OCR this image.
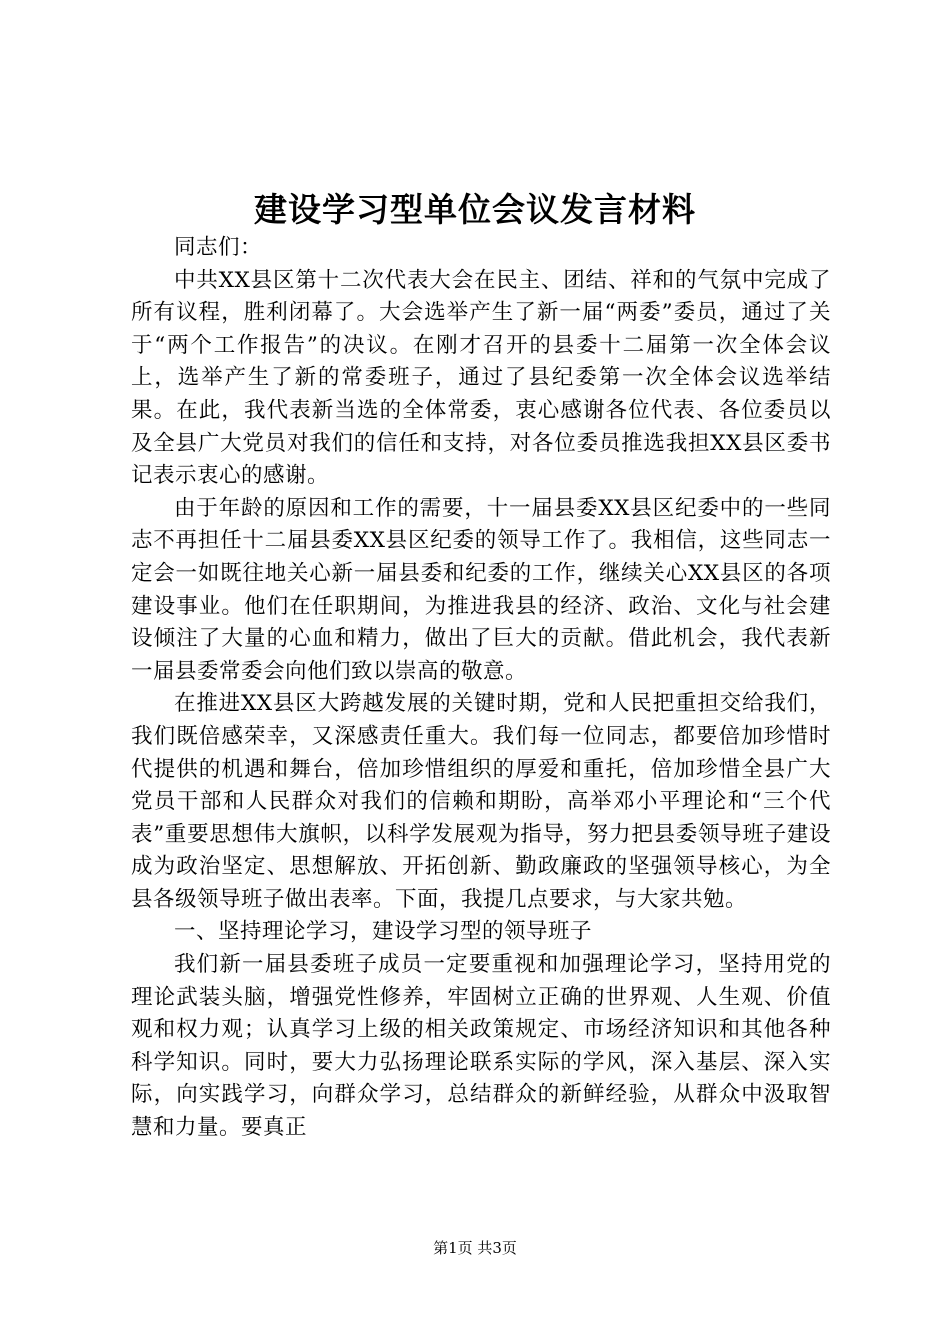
建设学习型单位会议发言材料

同志们：

中共XX县区第十二次代表大会在民主、团结、祥和的气氛中完成了所有议程，胜利闭幕了。大会选举产生了新一届“两委”委员，通过了关于“两个工作报告”的决议。在刚才召开的县委十二届第一次全体会议上，选举产生了新的常委班子，通过了县纪委第一次全体会议选举结果。在此，我代表新当选的全体常委，衷心感谢各位代表、各位委员以及全县广大党员对我们的信任和支持，对各位委员推选我担XX县区委书记表示衷心的感谢。

由于年龄的原因和工作的需要，十一届县委XX县区纪委中的一些同志不再担任十二届县委XX县区纪委的领导工作了。我相信，这些同志一定会一如既往地关心新一届县委和纪委的工作，继续关心XX县区的各项建设事业。他们在任职期间，为推进我县的经济、政治、文化与社会建设倾注了大量的心血和精力，做出了巨大的贡献。借此机会，我代表新一届县委常委会向他们致以崇高的敬意。

在推进XX县区大跨越发展的关键时期，党和人民把重担交给我们，我们既倍感荣幸，又深感责任重大。我们每一位同志，都要倍加珍惜时代提供的机遇和舞台，倍加珍惜组织的厚爱和重托，倍加珍惜全县广大党员干部和人民群众对我们的信赖和期盼，高举邓小平理论和“三个代表”重要思想伟大旗帜，以科学发展观为指导，努力把县委领导班子建设成为政治坚定、思想解放、开拓创新、勤政廉政的坚强领导核心，为全县各级领导班子做出表率。下面，我提几点要求，与大家共勉。

一、坚持理论学习，建设学习型的领导班子

我们新一届县委班子成员一定要重视和加强理论学习，坚持用党的理论武装头脑，增强党性修养，牢固树立正确的世界观、人生观、价值观和权力观；认真学习上级的相关政策规定、市场经济知识和其他各种科学知识。同时，要大力弘扬理论联系实际的学风，深入基层、深入实际，向实践学习，向群众学习，总结群众的新鲜经验，从群众中汲取智慧和力量。要真正

第1页 共3页
